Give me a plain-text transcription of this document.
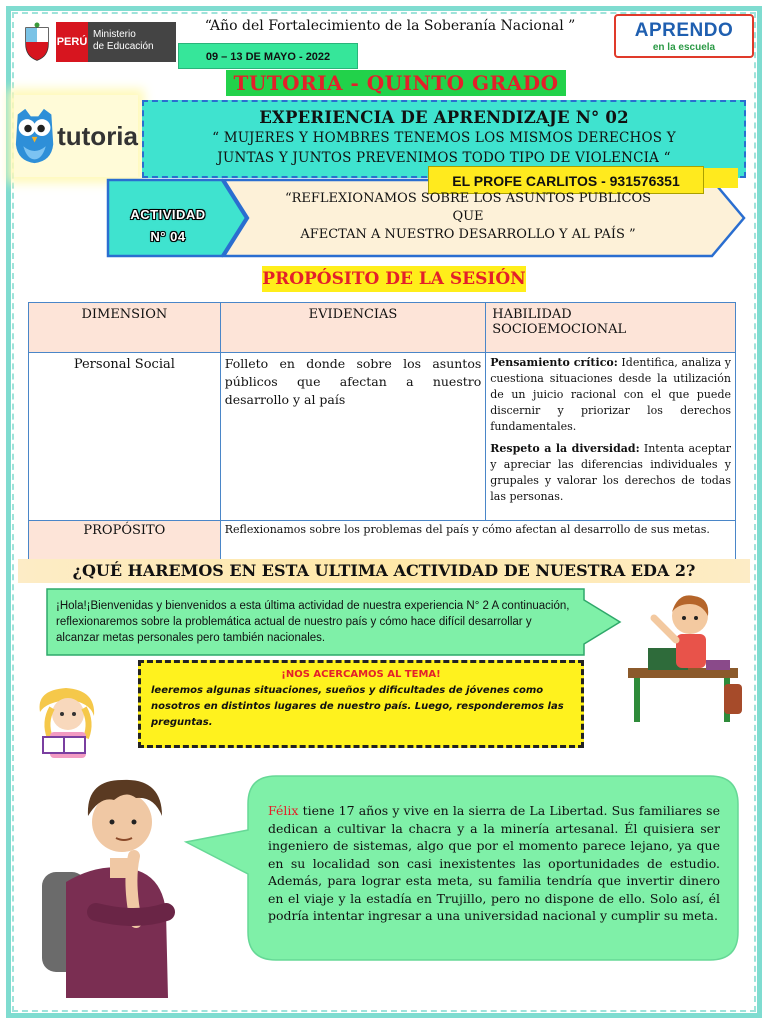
PERÚ
Ministerio
de Educación
“Año del Fortalecimiento de la Soberanía Nacional ”
09 – 13 DE MAYO - 2022
APRENDO
en la escuela
TUTORIA - QUINTO GRADO
tutoria
EXPERIENCIA DE APRENDIZAJE N° 02
“ MUJERES Y HOMBRES TENEMOS LOS MISMOS DERECHOS Y
JUNTAS Y JUNTOS PREVENIMOS TODO TIPO DE VIOLENCIA “
EL PROFE CARLITOS - 931576351
ACTIVIDAD
N° 04
“REFLEXIONAMOS SOBRE LOS ASUNTOS PUBLICOS
QUE
AFECTAN A NUESTRO DESARROLLO Y AL PAÍS ”
PROPÓSITO DE LA SESIÓN
DIMENSION	EVIDENCIAS	HABILIDAD
SOCIOEMOCIONAL

Personal Social	Folleto en donde sobre los asuntos públicos que afectan a nuestro desarrollo y al país	Pensamiento crítico: Identifica, analiza y cuestiona situaciones desde la utilización de un juicio racional con el que puede discernir y priorizar los derechos fundamentales.

Respeto a la diversidad: Intenta aceptar y apreciar las diferencias individuales y grupales y valorar los derechos de todas las personas.

PROPÓSITO	Reflexionamos sobre los problemas del país y cómo afectan al desarrollo de sus metas.	
¿QUÉ HAREMOS EN ESTA ULTIMA ACTIVIDAD DE NUESTRA EDA 2?
¡Hola!¡Bienvenidas y bienvenidos a esta última actividad de nuestra experiencia N° 2 A continuación, reflexionaremos sobre la problemática actual de nuestro país y cómo hace difícil desarrollar y alcanzar metas personales pero también nacionales.
¡NOS ACERCAMOS AL TEMA!
leeremos algunas situaciones, sueños y dificultades de jóvenes como nosotros en distintos lugares de nuestro país. Luego, responderemos las preguntas.
Félix tiene 17 años y vive en la sierra de La Libertad. Sus familiares se dedican a cultivar la chacra y a la minería artesanal. Él quisiera ser ingeniero de sistemas, algo que por el momento parece lejano, ya que en su localidad son casi inexistentes las oportunidades de estudio. Además, para lograr esta meta, su familia tendría que invertir dinero en el viaje y la estadía en Trujillo, pero no dispone de ello. Solo así, él podría intentar ingresar a una universidad nacional y cumplir su meta.
